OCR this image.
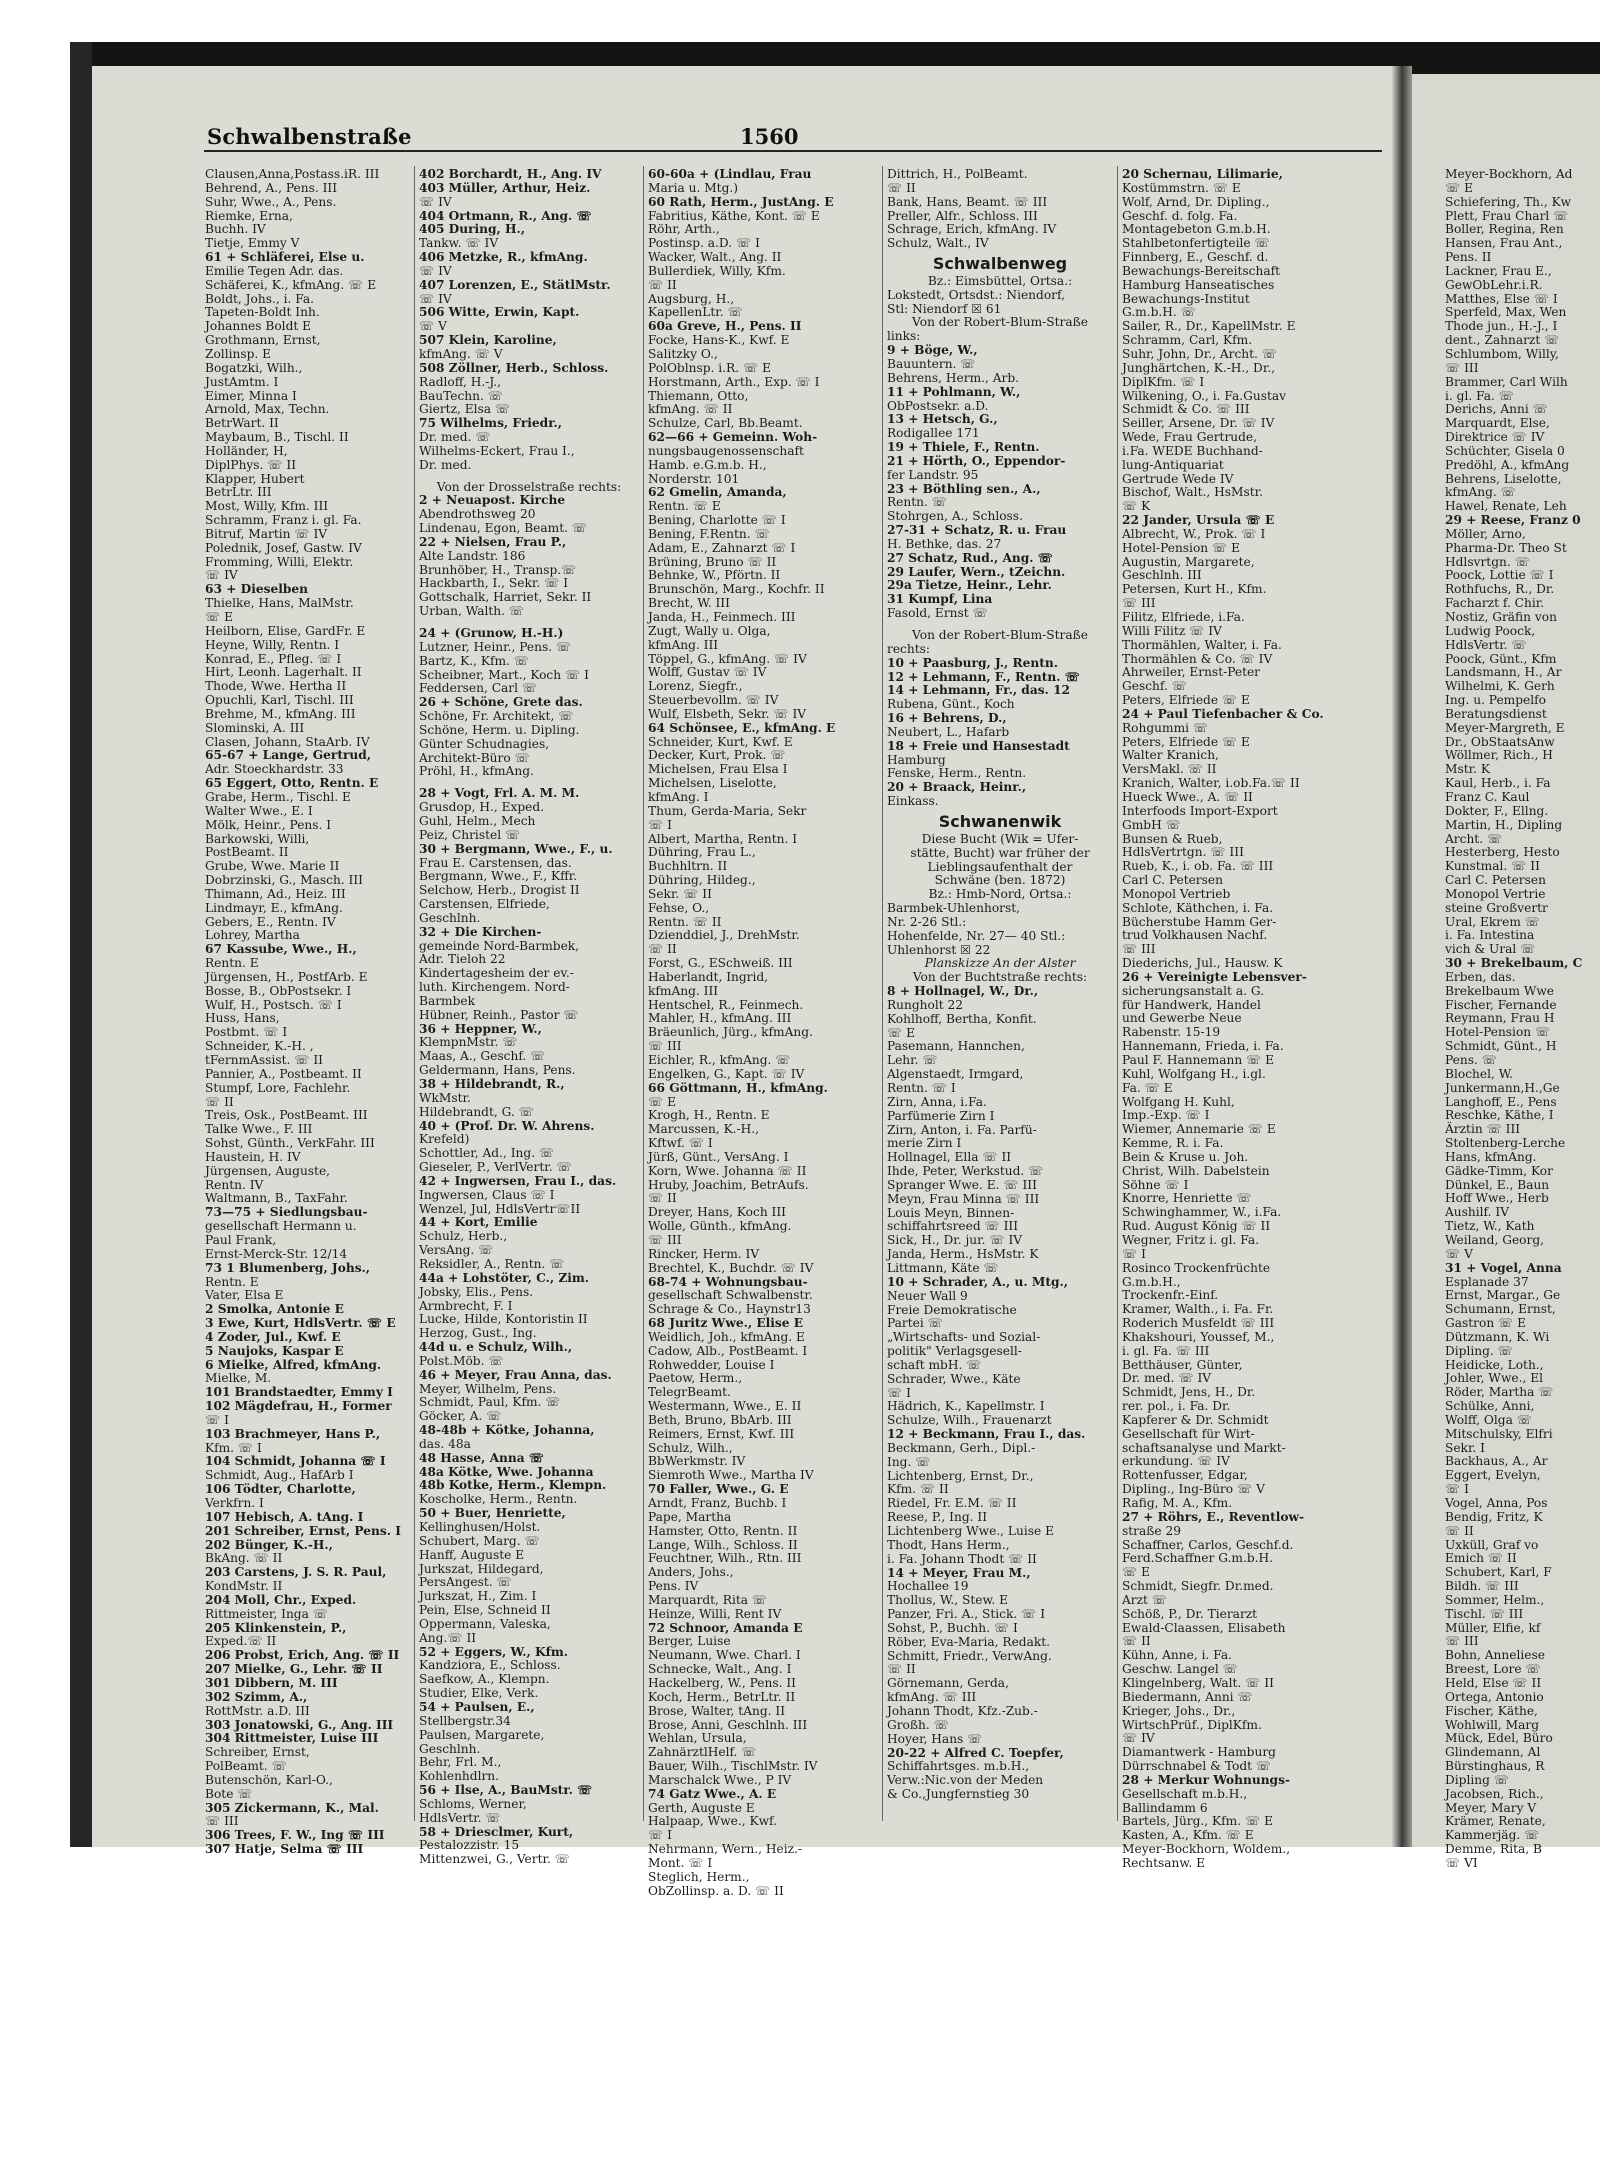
Schwalbenstraße	1560
Clausen,Anna,Postass.iR. III
Behrend, A., Pens. III
Suhr, Wwe., A., Pens.
Riemke, Erna,
Buchh. IV
Tietje, Emmy V
61 + Schläferei, Else u.
Emilie Tegen Adr. das.
Schäferei, K., kfmAng. ☏ E
Boldt, Johs., i. Fa.
Tapeten-Boldt Inh.
Johannes Boldt E
Grothmann, Ernst,
Zollinsp. E
Bogatzki, Wilh.,
JustAmtm. I
Eimer, Minna I
Arnold, Max, Techn.
BetrWart. II
Maybaum, B., Tischl. II
Holländer, H,
DiplPhys. ☏ II
Klapper, Hubert
BetrLtr. III
Most, Willy, Kfm. III
Schramm, Franz i. gl. Fa.
Bitruf, Martin ☏ IV
Polednik, Josef, Gastw. IV
Fromming, Willi, Elektr.
☏ IV
63 + Dieselben
Thielke, Hans, MalMstr.
☏ E
Heilborn, Elise, GardFr. E
Heyne, Willy, Rentn. I
Konrad, E., Pfleg. ☏ I
Hirt, Leonh. Lagerhalt. II
Thode, Wwe. Hertha II
Opuchli, Karl, Tischl. III
Brehme, M., kfmAng. III
Slominski, A. III
Clasen, Johann, StaArb. IV
65-67 + Lange, Gertrud,
Adr. Stoeckhardstr. 33
65 Eggert, Otto, Rentn. E
Grabe, Herm., Tischl. E
Walter Wwe., E. I
Mölk, Heinr., Pens. I
Barkowski, Willi,
PostBeamt. II
Grube, Wwe. Marie II
Dobrzinski, G., Masch. III
Thimann, Ad., Heiz. III
Lindmayr, E., kfmAng.
Gebers, E., Rentn. IV
Lohrey, Martha
67 Kassube, Wwe., H.,
Rentn. E
Jürgensen, H., PostfArb. E
Bosse, B., ObPostsekr. I
Wulf, H., Postsch. ☏ I
Huss, Hans,
Postbmt. ☏ I
Schneider, K.-H. ,
tFernmAssist. ☏ II
Pannier, A., Postbeamt. II
Stumpf, Lore, Fachlehr.
☏ II
Treis, Osk., PostBeamt. III
Talke Wwe., F. III
Sohst, Günth., VerkFahr. III
Haustein, H. IV
Jürgensen, Auguste,
Rentn. IV
Waltmann, B., TaxFahr.
73—75 + Siedlungsbau-
gesellschaft Hermann u.
Paul Frank,
Ernst-Merck-Str. 12/14
73 1 Blumenberg, Johs.,
Rentn. E
Vater, Elsa E
2 Smolka, Antonie E
3 Ewe, Kurt, HdlsVertr. ☏ E
4 Zoder, Jul., Kwf. E
5 Naujoks, Kaspar E
6 Mielke, Alfred, kfmAng.
Mielke, M.
101 Brandstaedter, Emmy I
102 Mägdefrau, H., Former
☏ I
103 Brachmeyer, Hans P.,
Kfm. ☏ I
104 Schmidt, Johanna ☏ I
Schmidt, Aug., HafArb I
106 Tödter, Charlotte,
Verkfrn. I
107 Hebisch, A. tAng. I
201 Schreiber, Ernst, Pens. I
202 Bünger, K.-H.,
BkAng. ☏ II
203 Carstens, J. S. R. Paul,
KondMstr. II
204 Moll, Chr., Exped.
Rittmeister, Inga ☏
205 Klinkenstein, P.,
Exped.☏ II
206 Probst, Erich, Ang. ☏ II
207 Mielke, G., Lehr. ☏ II
301 Dibbern, M. III
302 Szimm, A.,
RottMstr. a.D. III
303 Jonatowski, G., Ang. III
304 Rittmeister, Luise III
Schreiber, Ernst,
PolBeamt. ☏
Butenschön, Karl-O.,
Bote ☏
305 Zickermann, K., Mal.
☏ III
306 Trees, F. W., Ing ☏ III
307 Hatje, Selma ☏ III
402 Borchardt, H., Ang. IV
403 Müller, Arthur, Heiz.
☏ IV
404 Ortmann, R., Ang. ☏
405 During, H.,
Tankw. ☏ IV
406 Metzke, R., kfmAng.
☏ IV
407 Lorenzen, E., StätlMstr.
☏ IV
506 Witte, Erwin, Kapt.
☏ V
507 Klein, Karoline,
kfmAng. ☏ V
508 Zöllner, Herb., Schloss.
Radloff, H.-J.,
BauTechn. ☏
Giertz, Elsa ☏
75 Wilhelms, Friedr.,
Dr. med. ☏
Wilhelms-Eckert, Frau I.,
Dr. med.
Von der Drosselstraße rechts:
2 + Neuapost. Kirche
Abendrothsweg 20
Lindenau, Egon, Beamt. ☏
22 + Nielsen, Frau P.,
Alte Landstr. 186
Brunhöber, H., Transp.☏
Hackbarth, I., Sekr. ☏ I
Gottschalk, Harriet, Sekr. II
Urban, Walth. ☏
24 + (Grunow, H.-H.)
Lutzner, Heinr., Pens. ☏
Bartz, K., Kfm. ☏
Scheibner, Mart., Koch ☏ I
Feddersen, Carl ☏
26 + Schöne, Grete das.
Schöne, Fr. Architekt, ☏
Schöne, Herm. u. Dipling.
Günter Schudnagies,
Architekt-Büro ☏
Pröhl, H., kfmAng.
28 + Vogt, Frl. A. M. M.
Grusdop, H., Exped.
Guhl, Helm., Mech
Peiz, Christel ☏
30 + Bergmann, Wwe., F., u.
Frau E. Carstensen, das.
Bergmann, Wwe., F., Kffr.
Selchow, Herb., Drogist II
Carstensen, Elfriede,
Geschlnh.
32 + Die Kirchen-
gemeinde Nord-Barmbek,
Adr. Tieloh 22
Kindertagesheim der ev.-
luth. Kirchengem. Nord-
Barmbek
Hübner, Reinh., Pastor ☏
36 + Heppner, W.,
KlempnMstr. ☏
Maas, A., Geschf. ☏
Geldermann, Hans, Pens.
38 + Hildebrandt, R.,
WkMstr.
Hildebrandt, G. ☏
40 + (Prof. Dr. W. Ahrens.
Krefeld)
Schottler, Ad., Ing. ☏
Gieseler, P., VerlVertr. ☏
42 + Ingwersen, Frau I., das.
Ingwersen, Claus ☏ I
Wenzel, Jul, HdlsVertr☏II
44 + Kort, Emilie
Schulz, Herb.,
VersAng. ☏
Reksidler, A., Rentn. ☏
44a + Lohstöter, C., Zim.
Jobsky, Elis., Pens.
Armbrecht, F. I
Lucke, Hilde, Kontoristin II
Herzog, Gust., Ing.
44d u. e Schulz, Wilh.,
Polst.Möb. ☏
46 + Meyer, Frau Anna, das.
Meyer, Wilhelm, Pens.
Schmidt, Paul, Kfm. ☏
Göcker, A. ☏
48-48b + Kötke, Johanna,
das. 48a
48 Hasse, Anna ☏
48a Kötke, Wwe. Johanna
48b Kotke, Herm., Klempn.
Koscholke, Herm., Rentn.
50 + Buer, Henriette,
Kellinghusen/Holst.
Schubert, Marg. ☏
Hanff, Auguste E
Jurkszat, Hildegard,
PersAngest. ☏
Jurkszat, H., Zim. I
Pein, Else, Schneid II
Oppermann, Valeska,
Ang.☏ II
52 + Eggers, W., Kfm.
Kandziora, E., Schloss.
Saefkow, A., Klempn.
Studier, Elke, Verk.
54 + Paulsen, E.,
Stellbergstr.34
Paulsen, Margarete,
Geschlnh.
Behr, Frl. M.,
Kohlenhdlrn.
56 + Ilse, A., BauMstr. ☏
Schloms, Werner,
HdlsVertr. ☏
58 + Driesclmer, Kurt,
Pestalozzistr. 15
Mittenzwei, G., Vertr. ☏
60-60a + (Lindlau, Frau
Maria u. Mtg.)
60 Rath, Herm., JustAng. E
Fabritius, Käthe, Kont. ☏ E
Röhr, Arth.,
Postinsp. a.D. ☏ I
Wacker, Walt., Ang. II
Bullerdiek, Willy, Kfm.
☏ II
Augsburg, H.,
KapellenLtr. ☏
60a Greve, H., Pens. II
Focke, Hans-K., Kwf. E
Salitzky O.,
PolOblnsp. i.R. ☏ E
Horstmann, Arth., Exp. ☏ I
Thiemann, Otto,
kfmAng. ☏ II
Schulze, Carl, Bb.Beamt.
62—66 + Gemeinn. Woh-
nungsbaugenossenschaft
Hamb. e.G.m.b. H.,
Norderstr. 101
62 Gmelin, Amanda,
Rentn. ☏ E
Bening, Charlotte ☏ I
Bening, F.Rentn. ☏
Adam, E., Zahnarzt ☏ I
Brüning, Bruno ☏ II
Behnke, W., Pförtn. II
Brunschön, Marg., Kochfr. II
Brecht, W. III
Janda, H., Feinmech. III
Zugt, Wally u. Olga,
kfmAng. III
Töppel, G., kfmAng. ☏ IV
Wolff, Gustav ☏ IV
Lorenz, Siegfr.,
Steuerbevollm. ☏ IV
Wulf, Elsbeth, Sekr. ☏ IV
64 Schönsee, E., kfmAng. E
Schneider, Kurt, Kwf. E
Decker, Kurt, Prok. ☏
Michelsen, Frau Elsa I
Michelsen, Liselotte,
kfmAng. I
Thum, Gerda-Maria, Sekr
☏ I
Albert, Martha, Rentn. I
Dühring, Frau L.,
Buchhltrn. II
Dühring, Hildeg.,
Sekr. ☏ II
Fehse, O.,
Rentn. ☏ II
Dzienddiel, J., DrehMstr.
☏ II
Forst, G., ESchweiß. III
Haberlandt, Ingrid,
kfmAng. III
Hentschel, R., Feinmech.
Mahler, H., kfmAng. III
Bräeunlich, Jürg., kfmAng.
☏ III
Eichler, R., kfmAng. ☏
Engelken, G., Kapt. ☏ IV
66 Göttmann, H., kfmAng.
☏ E
Krogh, H., Rentn. E
Marcussen, K.-H.,
Kftwf. ☏ I
Jürß, Günt., VersAng. I
Korn, Wwe. Johanna ☏ II
Hruby, Joachim, BetrAufs.
☏ II
Dreyer, Hans, Koch III
Wolle, Günth., kfmAng.
☏ III
Rincker, Herm. IV
Brechtel, K., Buchdr. ☏ IV
68-74 + Wohnungsbau-
gesellschaft Schwalbenstr.
Schrage & Co., Haynstr13
68 Juritz Wwe., Elise E
Weidlich, Joh., kfmAng. E
Cadow, Alb., PostBeamt. I
Rohwedder, Louise I
Paetow, Herm.,
TelegrBeamt.
Westermann, Wwe., E. II
Beth, Bruno, BbArb. III
Reimers, Ernst, Kwf. III
Schulz, Wilh.,
BbWerkmstr. IV
Siemroth Wwe., Martha IV
70 Faller, Wwe., G. E
Arndt, Franz, Buchb. I
Pape, Martha
Hamster, Otto, Rentn. II
Lange, Wilh., Schloss. II
Feuchtner, Wilh., Rtn. III
Anders, Johs.,
Pens. IV
Marquardt, Rita ☏
Heinze, Willi, Rent IV
72 Schnoor, Amanda E
Berger, Luise
Neumann, Wwe. Charl. I
Schnecke, Walt., Ang. I
Hackelberg, W., Pens. II
Koch, Herm., BetrLtr. II
Brose, Walter, tAng. II
Brose, Anni, Geschlnh. III
Wehlan, Ursula,
ZahnärztlHelf. ☏
Bauer, Wilh., TischlMstr. IV
Marschalck Wwe., P IV
74 Gatz Wwe., A. E
Gerth, Auguste E
Halpaap, Wwe., Kwf.
☏ I
Nehrmann, Wern., Heiz.-
Mont. ☏ I
Steglich, Herm.,
ObZollinsp. a. D. ☏ II
Dittrich, H., PolBeamt.
☏ II
Bank, Hans, Beamt. ☏ III
Preller, Alfr., Schloss. III
Schrage, Erich, kfmAng. IV
Schulz, Walt., IV
Schwalbenweg
Bz.: Eimsbüttel, Ortsa.:
Lokstedt, Ortsdst.: Niendorf,
Stl: Niendorf ☒ 61
Von der Robert-Blum-Straße
links:
9 + Böge, W.,
Bauuntern. ☏
Behrens, Herm., Arb.
11 + Pohlmann, W.,
ObPostsekr. a.D.
13 + Hetsch, G.,
Rodigallee 171
19 + Thiele, F., Rentn.
21 + Hörth, O., Eppendor-
fer Landstr. 95
23 + Böthling sen., A.,
Rentn. ☏
Stohrgen, A., Schloss.
27-31 + Schatz, R. u. Frau
H. Bethke, das. 27
27 Schatz, Rud., Ang. ☏
29 Laufer, Wern., tZeichn.
29a Tietze, Heinr., Lehr.
31 Kumpf, Lina
Fasold, Ernst ☏
Von der Robert-Blum-Straße
rechts:
10 + Paasburg, J., Rentn.
12 + Lehmann, F., Rentn. ☏
14 + Lehmann, Fr., das. 12
Rubena, Günt., Koch
16 + Behrens, D.,
Neubert, L., Hafarb
18 + Freie und Hansestadt
Hamburg
Fenske, Herm., Rentn.
20 + Braack, Heinr.,
Einkass.
Schwanenwik
Diese Bucht (Wik = Ufer-
stätte, Bucht) war früher der
Lieblingsaufenthalt der
Schwäne (ben. 1872)
Bz.: Hmb-Nord, Ortsa.:
Barmbek-Uhlenhorst,
Nr. 2-26 Stl.:
Hohenfelde, Nr. 27— 40 Stl.:
Uhlenhorst ☒ 22
Planskizze An der Alster
Von der Buchtstraße rechts:
8 + Hollnagel, W., Dr.,
Rungholt 22
Kohlhoff, Bertha, Konfit.
☏ E
Pasemann, Hannchen,
Lehr. ☏
Algenstaedt, Irmgard,
Rentn. ☏ I
Zirn, Anna, i.Fa.
Parfümerie Zirn I
Zirn, Anton, i. Fa. Parfü-
merie Zirn I
Hollnagel, Ella ☏ II
Ihde, Peter, Werkstud. ☏
Spranger Wwe. E. ☏ III
Meyn, Frau Minna ☏ III
Louis Meyn, Binnen-
schiffahrtsreed ☏ III
Sick, H., Dr. jur. ☏ IV
Janda, Herm., HsMstr. K
Littmann, Käte ☏
10 + Schrader, A., u. Mtg.,
Neuer Wall 9
Freie Demokratische
Partei ☏
„Wirtschafts- und Sozial-
politik" Verlagsgesell-
schaft mbH. ☏
Schrader, Wwe., Käte
☏ I
Hädrich, K., Kapellmstr. I
Schulze, Wilh., Frauenarzt
12 + Beckmann, Frau I., das.
Beckmann, Gerh., Dipl.-
Ing. ☏
Lichtenberg, Ernst, Dr.,
Kfm. ☏ II
Riedel, Fr. E.M. ☏ II
Reese, P., Ing. II
Lichtenberg Wwe., Luise E
Thodt, Hans Herm.,
i. Fa. Johann Thodt ☏ II
14 + Meyer, Frau M.,
Hochallee 19
Thollus, W., Stew. E
Panzer, Fri. A., Stick. ☏ I
Sohst, P., Buchh. ☏ I
Röber, Eva-Maria, Redakt.
Schmitt, Friedr., VerwAng.
☏ II
Görnemann, Gerda,
kfmAng. ☏ III
Johann Thodt, Kfz.-Zub.-
Großh. ☏
Hoyer, Hans ☏
20-22 + Alfred C. Toepfer,
Schiffahrtsges. m.b.H.,
Verw.:Nic.von der Meden
& Co.,Jungfernstieg 30
20 Schernau, Lilimarie,
Kostümmstrn. ☏ E
Wolf, Arnd, Dr. Dipling.,
Geschf. d. folg. Fa.
Montagebeton G.m.b.H.
Stahlbetonfertigteile ☏
Finnberg, E., Geschf. d.
Bewachungs-Bereitschaft
Hamburg Hanseatisches
Bewachungs-Institut
G.m.b.H. ☏
Sailer, R., Dr., KapellMstr. E
Schramm, Carl, Kfm.
Suhr, John, Dr., Archt. ☏
Junghärtchen, K.-H., Dr.,
DiplKfm. ☏ I
Wilkening, O., i. Fa.Gustav
Schmidt & Co. ☏ III
Seiller, Arsene, Dr. ☏ IV
Wede, Frau Gertrude,
i.Fa. WEDE Buchhand-
lung-Antiquariat
Gertrude Wede IV
Bischof, Walt., HsMstr.
☏ K
22 Jander, Ursula ☏ E
Albrecht, W., Prok. ☏ I
Hotel-Pension ☏ E
Augustin, Margarete,
Geschlnh. III
Petersen, Kurt H., Kfm.
☏ III
Filitz, Elfriede, i.Fa.
Willi Filitz ☏ IV
Thormählen, Walter, i. Fa.
Thormählen & Co. ☏ IV
Ahrweiler, Ernst-Peter
Geschf. ☏
Peters, Elfriede ☏ E
24 + Paul Tiefenbacher & Co.
Rohgummi ☏
Peters, Elfriede ☏ E
Walter Kranich,
VersMakl. ☏ II
Kranich, Walter, i.ob.Fa.☏ II
Hueck Wwe., A. ☏ II
Interfoods Import-Export
GmbH ☏
Bunsen & Rueb,
HdlsVertrtgn. ☏ III
Rueb, K., i. ob. Fa. ☏ III
Carl C. Petersen
Monopol Vertrieb
Schlote, Käthchen, i. Fa.
Bücherstube Hamm Ger-
trud Volkhausen Nachf.
☏ III
Diederichs, Jul., Hausw. K
26 + Vereinigte Lebensver-
sicherungsanstalt a. G.
für Handwerk, Handel
und Gewerbe Neue
Rabenstr. 15-19
Hannemann, Frieda, i. Fa.
Paul F. Hannemann ☏ E
Kuhl, Wolfgang H., i.gl.
Fa. ☏ E
Wolfgang H. Kuhl,
Imp.-Exp. ☏ I
Wiemer, Annemarie ☏ E
Kemme, R. i. Fa.
Bein & Kruse u. Joh.
Christ, Wilh. Dabelstein
Söhne ☏ I
Knorre, Henriette ☏
Schwinghammer, W., i.Fa.
Rud. August König ☏ II
Wegner, Fritz i. gl. Fa.
☏ I
Rosinco Trockenfrüchte
G.m.b.H.,
Trockenfr.-Einf.
Kramer, Walth., i. Fa. Fr.
Roderich Musfeldt ☏ III
Khakshouri, Youssef, M.,
i. gl. Fa. ☏ III
Betthäuser, Günter,
Dr. med. ☏ IV
Schmidt, Jens, H., Dr.
rer. pol., i. Fa. Dr.
Kapferer & Dr. Schmidt
Gesellschaft für Wirt-
schaftsanalyse und Markt-
erkundung. ☏ IV
Rottenfusser, Edgar,
Dipling., Ing-Büro ☏ V
Rafig, M. A., Kfm.
27 + Röhrs, E., Reventlow-
straße 29
Schaffner, Carlos, Geschf.d.
Ferd.Schaffner G.m.b.H.
☏ E
Schmidt, Siegfr. Dr.med.
Arzt ☏
Schöß, P., Dr. Tierarzt
Ewald-Claassen, Elisabeth
☏ II
Kühn, Anne, i. Fa.
Geschw. Langel ☏
Klingelnberg, Walt. ☏ II
Biedermann, Anni ☏
Krieger, Johs., Dr.,
WirtschPrüf., DiplKfm.
☏ IV
Diamantwerk - Hamburg
Dürrschnabel & Todt ☏
28 + Merkur Wohnungs-
Gesellschaft m.b.H.,
Ballindamm 6
Bartels, Jürg., Kfm. ☏ E
Kasten, A., Kfm. ☏ E
Meyer-Bockhorn, Woldem.,
Rechtsanw. E
Meyer-Bockhorn, Ad
☏ E
Schiefering, Th., Kw
Plett, Frau Charl ☏
Boller, Regina, Ren
Hansen, Frau Ant.,
Pens. II
Lackner, Frau E.,
GewObLehr.i.R.
Matthes, Else ☏ I
Sperfeld, Max, Wen
Thode jun., H.-J., I
dent., Zahnarzt ☏
Schlumbom, Willy,
☏ III
Brammer, Carl Wilh
i. gl. Fa. ☏
Derichs, Anni ☏
Marquardt, Else,
Direktrice ☏ IV
Schüchter, Gisela 0
Predöhl, A., kfmAng
Behrens, Liselotte,
kfmAng. ☏
Hawel, Renate, Leh
29 + Reese, Franz 0
Möller, Arno,
Pharma-Dr. Theo St
Hdlsvrtgn. ☏
Poock, Lottie ☏ I
Rothfuchs, R., Dr.
Facharzt f. Chir.
Nostiz, Gräfin von
Ludwig Poock,
HdlsVertr. ☏
Poock, Günt., Kfm
Landsmann, H., Ar
Wilhelmi, K. Gerh
Ing. u. Pempelfo
Beratungsdienst
Meyer-Margreth, E
Dr., ObStaatsAnw
Wöllmer, Rich., H
Mstr. K
Kaul, Herb., i. Fa
Franz C. Kaul
Dokter, F., Ellng.
Martin, H., Dipling
Archt. ☏
Hesterberg, Hesto
Kunstmal. ☏ II
Carl C. Petersen
Monopol Vertrie
steine Großvertr
Ural, Ekrem ☏
i. Fa. Intestina
vich & Ural ☏
30 + Brekelbaum, C
Erben, das.
Brekelbaum Wwe
Fischer, Fernande
Reymann, Frau H
Hotel-Pension ☏
Schmidt, Günt., H
Pens. ☏
Blochel, W.
Junkermann,H.,Ge
Langhoff, E., Pens
Reschke, Käthe, I
Ärztin ☏ III
Stoltenberg-Lerche
Hans, kfmAng.
Gädke-Timm, Kor
Dünkel, E., Baun
Hoff Wwe., Herb
Aushilf. IV
Tietz, W., Kath
Weiland, Georg,
☏ V
31 + Vogel, Anna
Esplanade 37
Ernst, Margar., Ge
Schumann, Ernst,
Gastron ☏ E
Dützmann, K. Wi
Dipling. ☏
Heidicke, Loth.,
Johler, Wwe., El
Röder, Martha ☏
Schülke, Anni,
Wolff, Olga ☏
Mitschulsky, Elfri
Sekr. I
Backhaus, A., Ar
Eggert, Evelyn,
☏ I
Vogel, Anna, Pos
Bendig, Fritz, K
☏ II
Uxküll, Graf vo
Emich ☏ II
Schubert, Karl, F
Bildh. ☏ III
Sommer, Helm.,
Tischl. ☏ III
Müller, Elfie, kf
☏ III
Bohn, Anneliese
Breest, Lore ☏
Held, Else ☏ II
Ortega, Antonio
Fischer, Käthe,
Wohlwill, Marg
Mück, Edel, Büro
Glindemann, Al
Bürstinghaus, R
Dipling ☏
Jacobsen, Rich.,
Meyer, Mary V
Krämer, Renate,
Kammerjäg. ☏
Demme, Rita, B
☏ VI
